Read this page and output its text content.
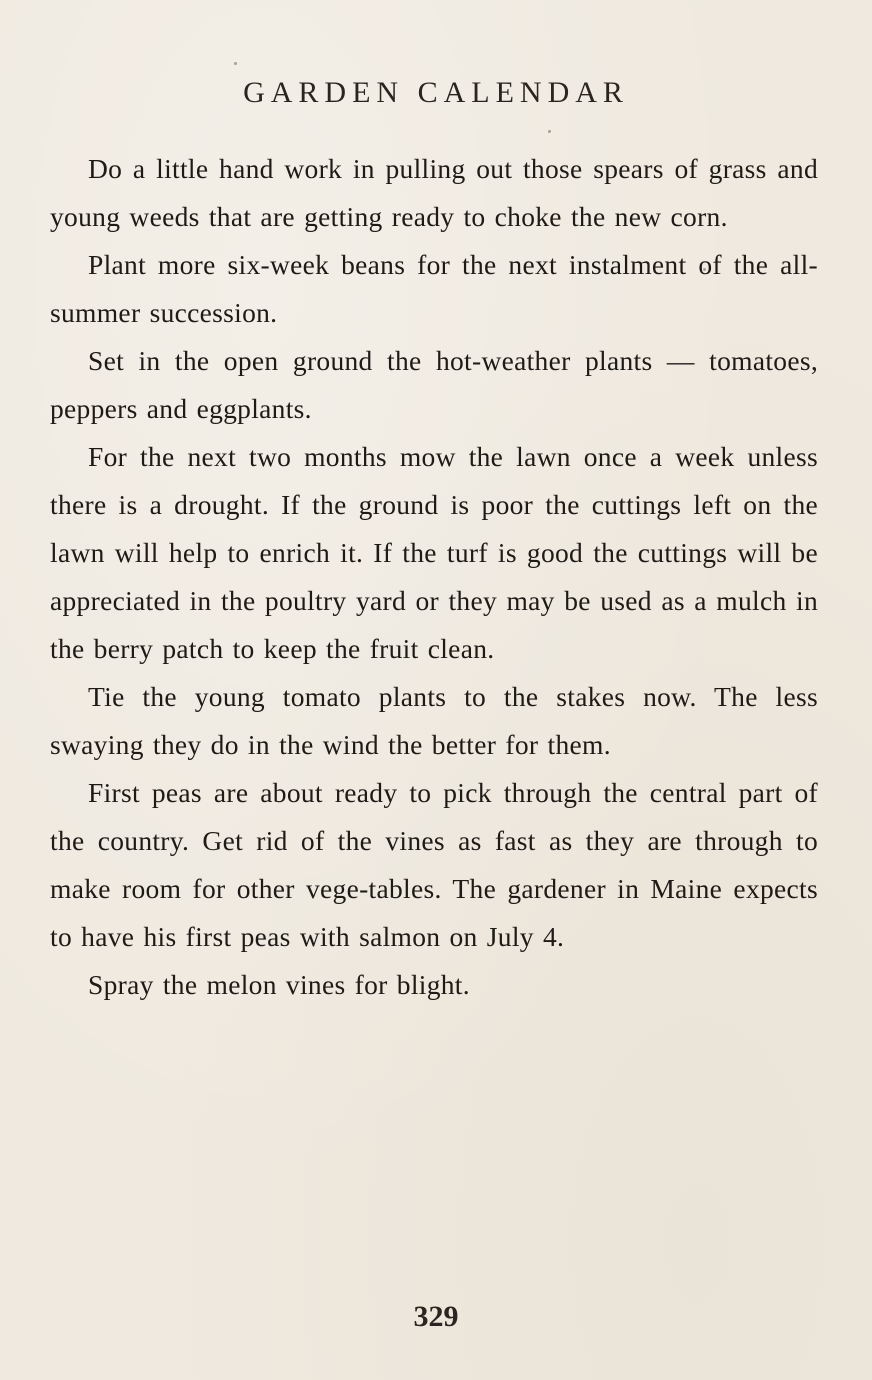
GARDEN CALENDAR

Do a little hand work in pulling out those spears of grass and young weeds that are getting ready to choke the new corn.

Plant more six-week beans for the next instalment of the all-summer succession.

Set in the open ground the hot-weather plants — tomatoes, peppers and eggplants.

For the next two months mow the lawn once a week unless there is a drought. If the ground is poor the cuttings left on the lawn will help to enrich it. If the turf is good the cuttings will be appreciated in the poultry yard or they may be used as a mulch in the berry patch to keep the fruit clean.

Tie the young tomato plants to the stakes now. The less swaying they do in the wind the better for them.

First peas are about ready to pick through the central part of the country. Get rid of the vines as fast as they are through to make room for other vege-tables. The gardener in Maine expects to have his first peas with salmon on July 4.

Spray the melon vines for blight.

329
